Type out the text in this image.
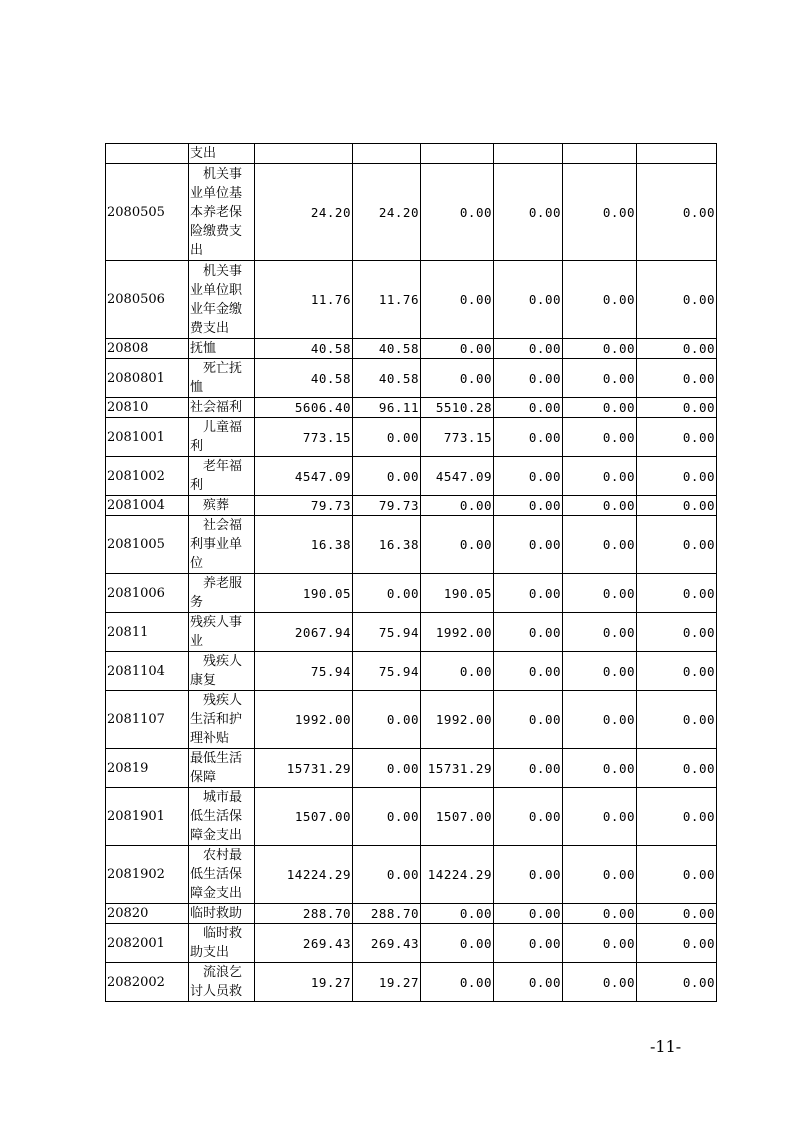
	支出						
2080505	机关事业单位基本养老保险缴费支出	24.20	24.20	0.00	0.00	0.00	0.00
2080506	机关事业单位职业年金缴费支出	11.76	11.76	0.00	0.00	0.00	0.00
20808	抚恤	40.58	40.58	0.00	0.00	0.00	0.00
2080801	死亡抚恤	40.58	40.58	0.00	0.00	0.00	0.00
20810	社会福利	5606.40	96.11	5510.28	0.00	0.00	0.00
2081001	儿童福利	773.15	0.00	773.15	0.00	0.00	0.00
2081002	老年福利	4547.09	0.00	4547.09	0.00	0.00	0.00
2081004	殡葬	79.73	79.73	0.00	0.00	0.00	0.00
2081005	社会福利事业单位	16.38	16.38	0.00	0.00	0.00	0.00
2081006	养老服务	190.05	0.00	190.05	0.00	0.00	0.00
20811	残疾人事业	2067.94	75.94	1992.00	0.00	0.00	0.00
2081104	残疾人康复	75.94	75.94	0.00	0.00	0.00	0.00
2081107	残疾人生活和护理补贴	1992.00	0.00	1992.00	0.00	0.00	0.00
20819	最低生活保障	15731.29	0.00	15731.29	0.00	0.00	0.00
2081901	城市最低生活保障金支出	1507.00	0.00	1507.00	0.00	0.00	0.00
2081902	农村最低生活保障金支出	14224.29	0.00	14224.29	0.00	0.00	0.00
20820	临时救助	288.70	288.70	0.00	0.00	0.00	0.00
2082001	临时救助支出	269.43	269.43	0.00	0.00	0.00	0.00
2082002	流浪乞讨人员救	19.27	19.27	0.00	0.00	0.00	0.00
-11-
